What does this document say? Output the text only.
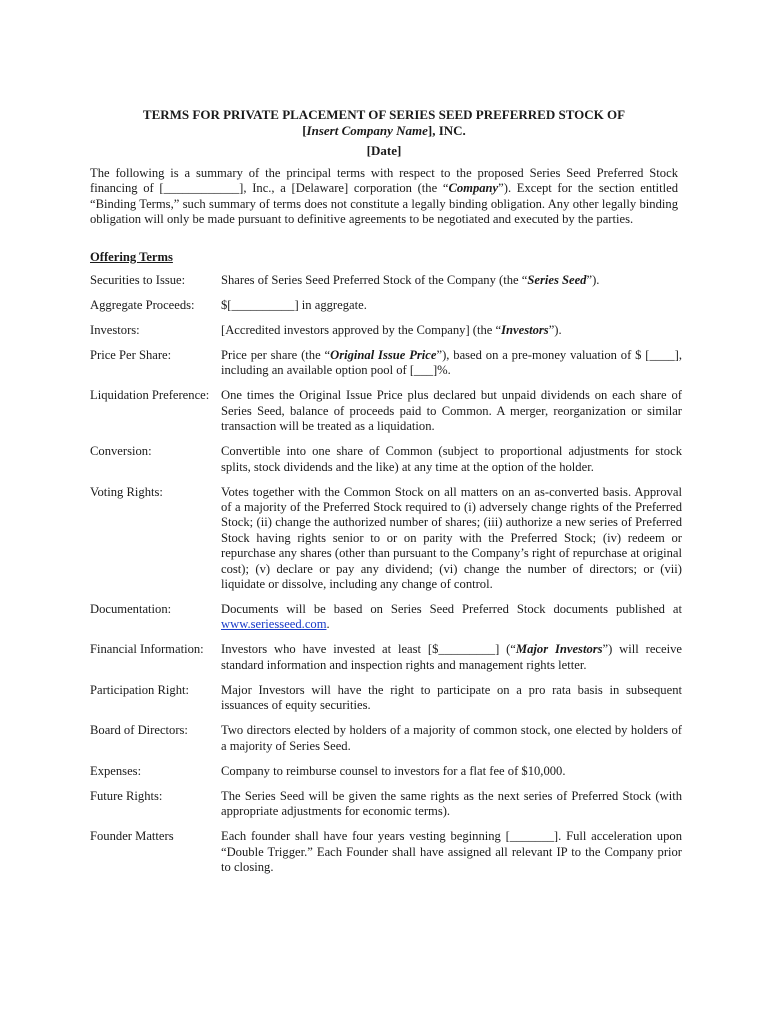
TERMS FOR PRIVATE PLACEMENT OF SERIES SEED PREFERRED STOCK OF
[Insert Company Name], INC.
[Date]

The following is a summary of the principal terms with respect to the proposed Series Seed Preferred Stock financing of [____________], Inc., a [Delaware] corporation (the “Company”). Except for the section entitled “Binding Terms,” such summary of terms does not constitute a legally binding obligation. Any other legally binding obligation will only be made pursuant to definitive agreements to be negotiated and executed by the parties.

Offering Terms
Securities to Issue:	Shares of Series Seed Preferred Stock of the Company (the “Series Seed”).
Aggregate Proceeds:	$[__________] in aggregate.
Investors:	[Accredited investors approved by the Company] (the “Investors”).
Price Per Share:	Price per share (the “Original Issue Price”), based on a pre-money valuation of $ [____], including an available option pool of [___]%.
Liquidation Preference: One times the Original Issue Price plus declared but unpaid dividends on each share of Series Seed, balance of proceeds paid to Common. A merger, reorganization or similar transaction will be treated as a liquidation.
Conversion:	Convertible into one share of Common (subject to proportional adjustments for stock splits, stock dividends and the like) at any time at the option of the holder.
Voting Rights:	Votes together with the Common Stock on all matters on an as-converted basis. Approval of a majority of the Preferred Stock required to (i) adversely change rights of the Preferred Stock; (ii) change the authorized number of shares; (iii) authorize a new series of Preferred Stock having rights senior to or on parity with the Preferred Stock; (iv) redeem or repurchase any shares (other than pursuant to the Company’s right of repurchase at original cost); (v) declare or pay any dividend; (vi) change the number of directors; or (vii) liquidate or dissolve, including any change of control.
Documentation:	Documents will be based on Series Seed Preferred Stock documents published at www.seriesseed.com.
Financial Information:	Investors who have invested at least [$_________] (“Major Investors”) will receive standard information and inspection rights and management rights letter.
Participation Right:	Major Investors will have the right to participate on a pro rata basis in subsequent issuances of equity securities.
Board of Directors:	Two directors elected by holders of a majority of common stock, one elected by holders of a majority of Series Seed.
Expenses:	Company to reimburse counsel to investors for a flat fee of $10,000.
Future Rights:	The Series Seed will be given the same rights as the next series of Preferred Stock (with appropriate adjustments for economic terms).
Founder Matters	Each founder shall have four years vesting beginning [_______]. Full acceleration upon “Double Trigger.” Each Founder shall have assigned all relevant IP to the Company prior to closing.
